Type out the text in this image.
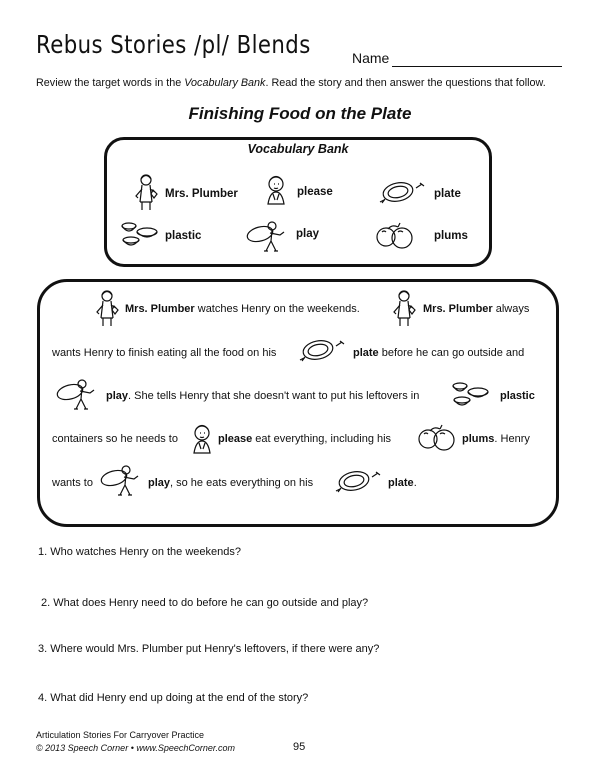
Rebus Stories /pl/ Blends	Name
Review the target words in the Vocabulary Bank. Read the story and then answer the questions that follow.
Finishing Food on the Plate
Vocabulary Bank
Mrs. Plumber	please	plate
plastic	play	plums
Mrs. Plumber watches Henry on the weekends.	Mrs. Plumber always
wants Henry to finish eating all the food on his	plate before he can go outside and
play. She tells Henry that she doesn't want to put his leftovers in	plastic
containers so he needs to	please eat everything, including his	plums. Henry
wants to	play, so he eats everything on his	plate.
1. Who watches Henry on the weekends?
2. What does Henry need to do before he can go outside and play?
3. Where would Mrs. Plumber put Henry's leftovers, if there were any?
4. What did Henry end up doing at the end of the story?
Articulation Stories For Carryover Practice
© 2013 Speech Corner • www.SpeechCorner.com	95
